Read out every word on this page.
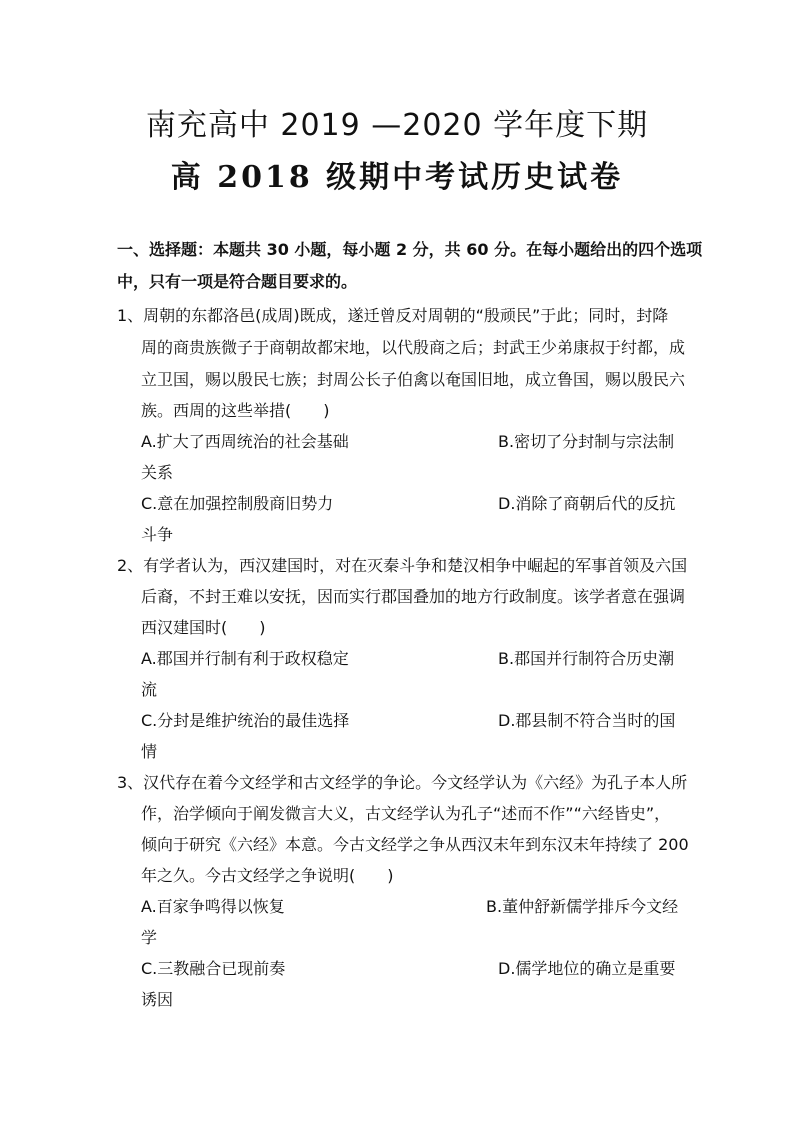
南充高中 2019 —2020 学年度下期
高 2018 级期中考试历史试卷
一、选择题：本题共 30 小题，每小题 2 分，共 60 分。在每小题给出的四个选项
中，只有一项是符合题目要求的。
1、周朝的东都洛邑(成周)既成，遂迁曾反对周朝的“殷顽民”于此；同时，封降
周的商贵族微子于商朝故都宋地，以代殷商之后；封武王少弟康叔于纣都，成
立卫国，赐以殷民七族；封周公长子伯禽以奄国旧地，成立鲁国，赐以殷民六
族。西周的这些举措(　　)
A.扩大了西周统治的社会基础	B.密切了分封制与宗法制
关系
C.意在加强控制殷商旧势力	D.消除了商朝后代的反抗
斗争
2、有学者认为，西汉建国时，对在灭秦斗争和楚汉相争中崛起的军事首领及六国
后裔，不封王难以安抚，因而实行郡国叠加的地方行政制度。该学者意在强调
西汉建国时(　　)
A.郡国并行制有利于政权稳定	B.郡国并行制符合历史潮
流
C.分封是维护统治的最佳选择	D.郡县制不符合当时的国
情
3、汉代存在着今文经学和古文经学的争论。今文经学认为《六经》为孔子本人所
作，治学倾向于阐发微言大义，古文经学认为孔子“述而不作”“六经皆史”，
倾向于研究《六经》本意。今古文经学之争从西汉末年到东汉末年持续了 200
年之久。今古文经学之争说明(　　)
A.百家争鸣得以恢复	B.董仲舒新儒学排斥今文经
学
C.三教融合已现前奏	D.儒学地位的确立是重要
诱因
